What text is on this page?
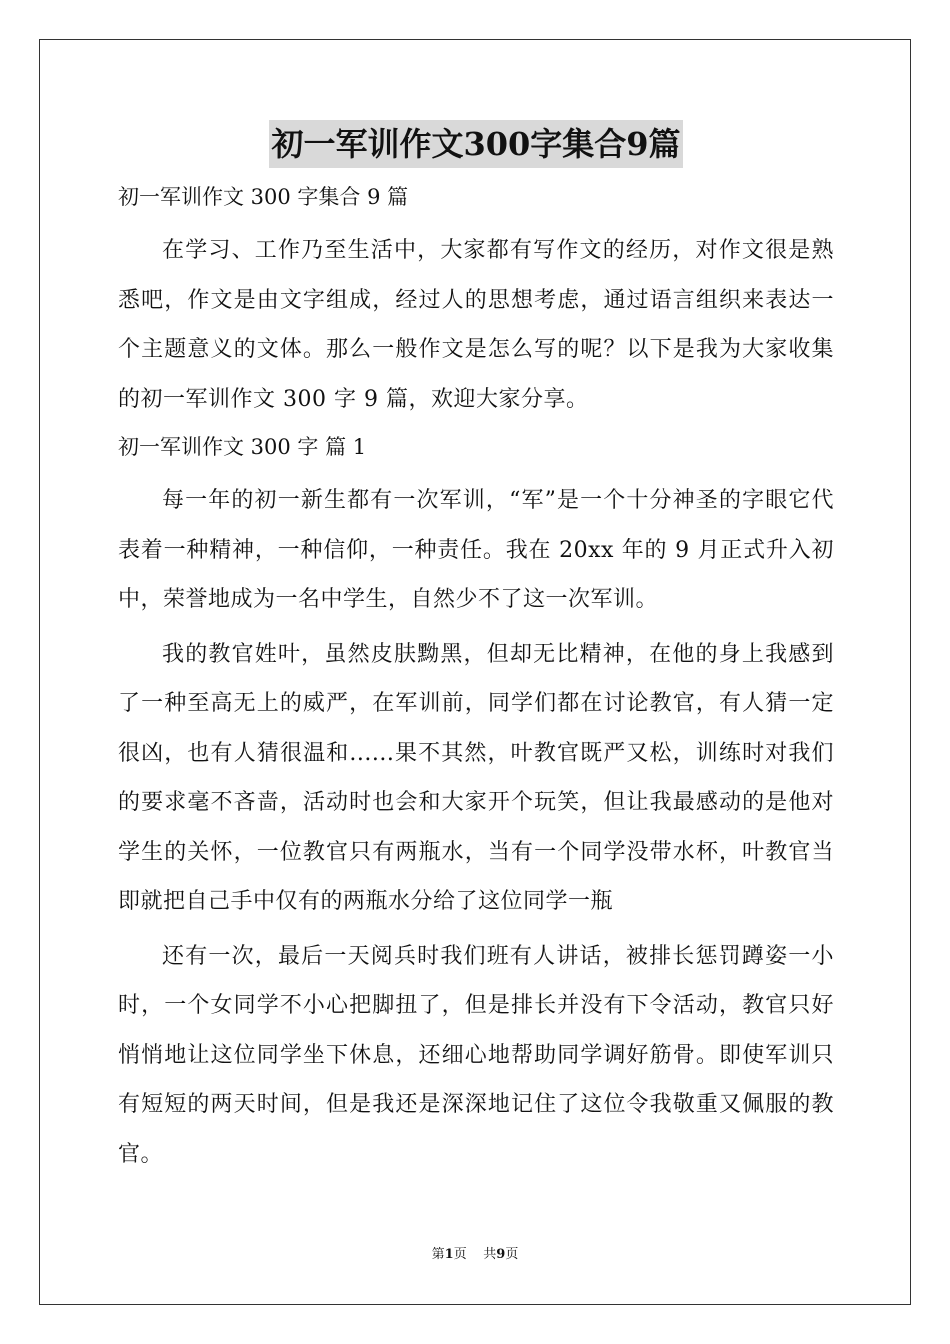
初一军训作文300字集合9篇
初一军训作文 300 字集合 9 篇

在学习、工作乃至生活中，大家都有写作文的经历，对作文很是熟悉吧，作文是由文字组成，经过人的思想考虑，通过语言组织来表达一个主题意义的文体。那么一般作文是怎么写的呢？以下是我为大家收集的初一军训作文 300 字 9 篇，欢迎大家分享。

初一军训作文 300 字 篇 1

每一年的初一新生都有一次军训，“军”是一个十分神圣的字眼它代表着一种精神，一种信仰，一种责任。我在 20xx 年的 9 月正式升入初中，荣誉地成为一名中学生，自然少不了这一次军训。

我的教官姓叶，虽然皮肤黝黑，但却无比精神，在他的身上我感到了一种至高无上的威严，在军训前，同学们都在讨论教官，有人猜一定很凶，也有人猜很温和......果不其然，叶教官既严又松，训练时对我们的要求毫不吝啬，活动时也会和大家开个玩笑，但让我最感动的是他对学生的关怀，一位教官只有两瓶水，当有一个同学没带水杯，叶教官当即就把自己手中仅有的两瓶水分给了这位同学一瓶

还有一次，最后一天阅兵时我们班有人讲话，被排长惩罚蹲姿一小时，一个女同学不小心把脚扭了，但是排长并没有下令活动，教官只好悄悄地让这位同学坐下休息，还细心地帮助同学调好筋骨。即使军训只有短短的两天时间，但是我还是深深地记住了这位令我敬重又佩服的教官。

第1页 共9页
